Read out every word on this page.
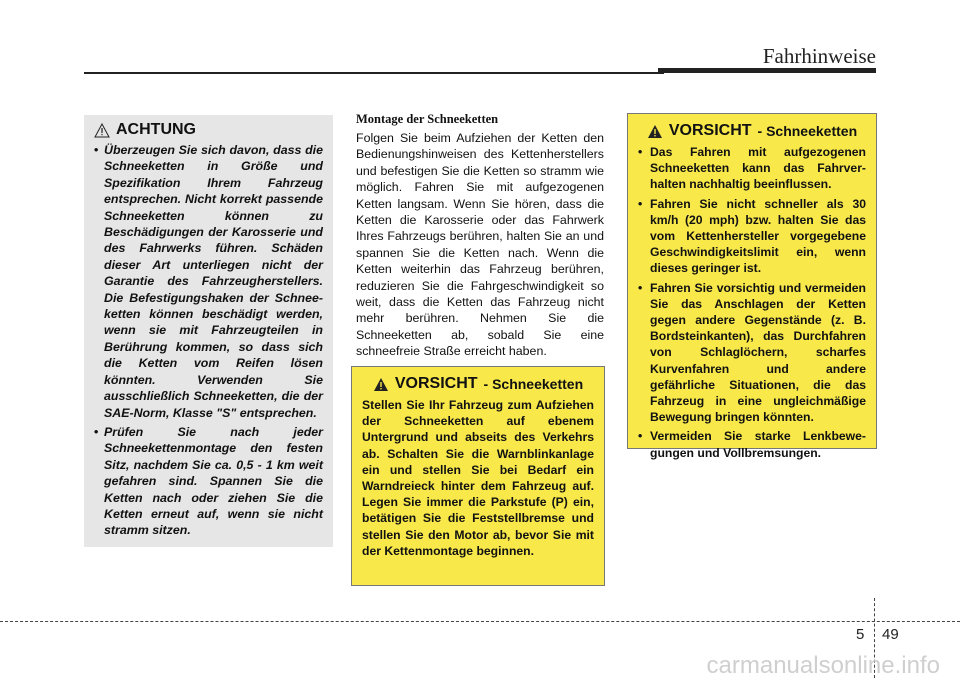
Fahrhinweise
ACHTUNG
• Überzeugen Sie sich davon, dass die Schneeketten in Größe und Spezifikation Ihrem Fahrzeug entsprechen. Nicht korrekt passende Schneeketten können zu Beschädigungen der Karosserie und des Fahrwerks führen. Schäden dieser Art unterliegen nicht der Garantie des Fahrzeugherstellers. Die Befestigungshaken der Schnee-ketten können beschädigt werden, wenn sie mit Fahrzeugteilen in Berührung kommen, so dass sich die Ketten vom Reifen lösen könnten. Verwenden Sie ausschließlich Schneeketten, die der SAE-Norm, Klasse "S" entsprechen.
• Prüfen Sie nach jeder Schneekettenmontage den festen Sitz, nachdem Sie ca. 0,5 - 1 km weit gefahren sind. Spannen Sie die Ketten nach oder ziehen Sie die Ketten erneut auf, wenn sie nicht stramm sitzen.
Montage der Schneeketten
Folgen Sie beim Aufziehen der Ketten den Bedienungshinweisen des Kettenherstellers und befestigen Sie die Ketten so stramm wie möglich. Fahren Sie mit aufgezogenen Ketten langsam. Wenn Sie hören, dass die Ketten die Karosserie oder das Fahrwerk Ihres Fahrzeugs berühren, halten Sie an und spannen Sie die Ketten nach. Wenn die Ketten weiterhin das Fahrzeug berühren, reduzieren Sie die Fahrgeschwindigkeit so weit, dass die Ketten das Fahrzeug nicht mehr berühren. Nehmen Sie die Schneeketten ab, sobald Sie eine schneefreie Straße erreicht haben.
VORSICHT - Schneeketten
Stellen Sie Ihr Fahrzeug zum Aufziehen der Schneeketten auf ebenem Untergrund und abseits des Verkehrs ab. Schalten Sie die Warnblinkanlage ein und stellen Sie bei Bedarf ein Warndreieck hinter dem Fahrzeug auf. Legen Sie immer die Parkstufe (P) ein, betätigen Sie die Feststellbremse und stellen Sie den Motor ab, bevor Sie mit der Kettenmontage beginnen.
VORSICHT - Schneeketten
• Das Fahren mit aufgezogenen Schneeketten kann das Fahrver-halten nachhaltig beeinflussen.
• Fahren Sie nicht schneller als 30 km/h (20 mph) bzw. halten Sie das vom Kettenhersteller vorgegebene Geschwindigkeitslimit ein, wenn dieses geringer ist.
• Fahren Sie vorsichtig und vermeiden Sie das Anschlagen der Ketten gegen andere Gegenstände (z. B. Bordsteinkanten), das Durchfahren von Schlaglöchern, scharfes Kurvenfahren und andere gefährliche Situationen, die das Fahrzeug in eine ungleichmäßige Bewegung bringen könnten.
• Vermeiden Sie starke Lenkbewe-gungen und Vollbremsungen.
5 49
carmanualsonline.info
